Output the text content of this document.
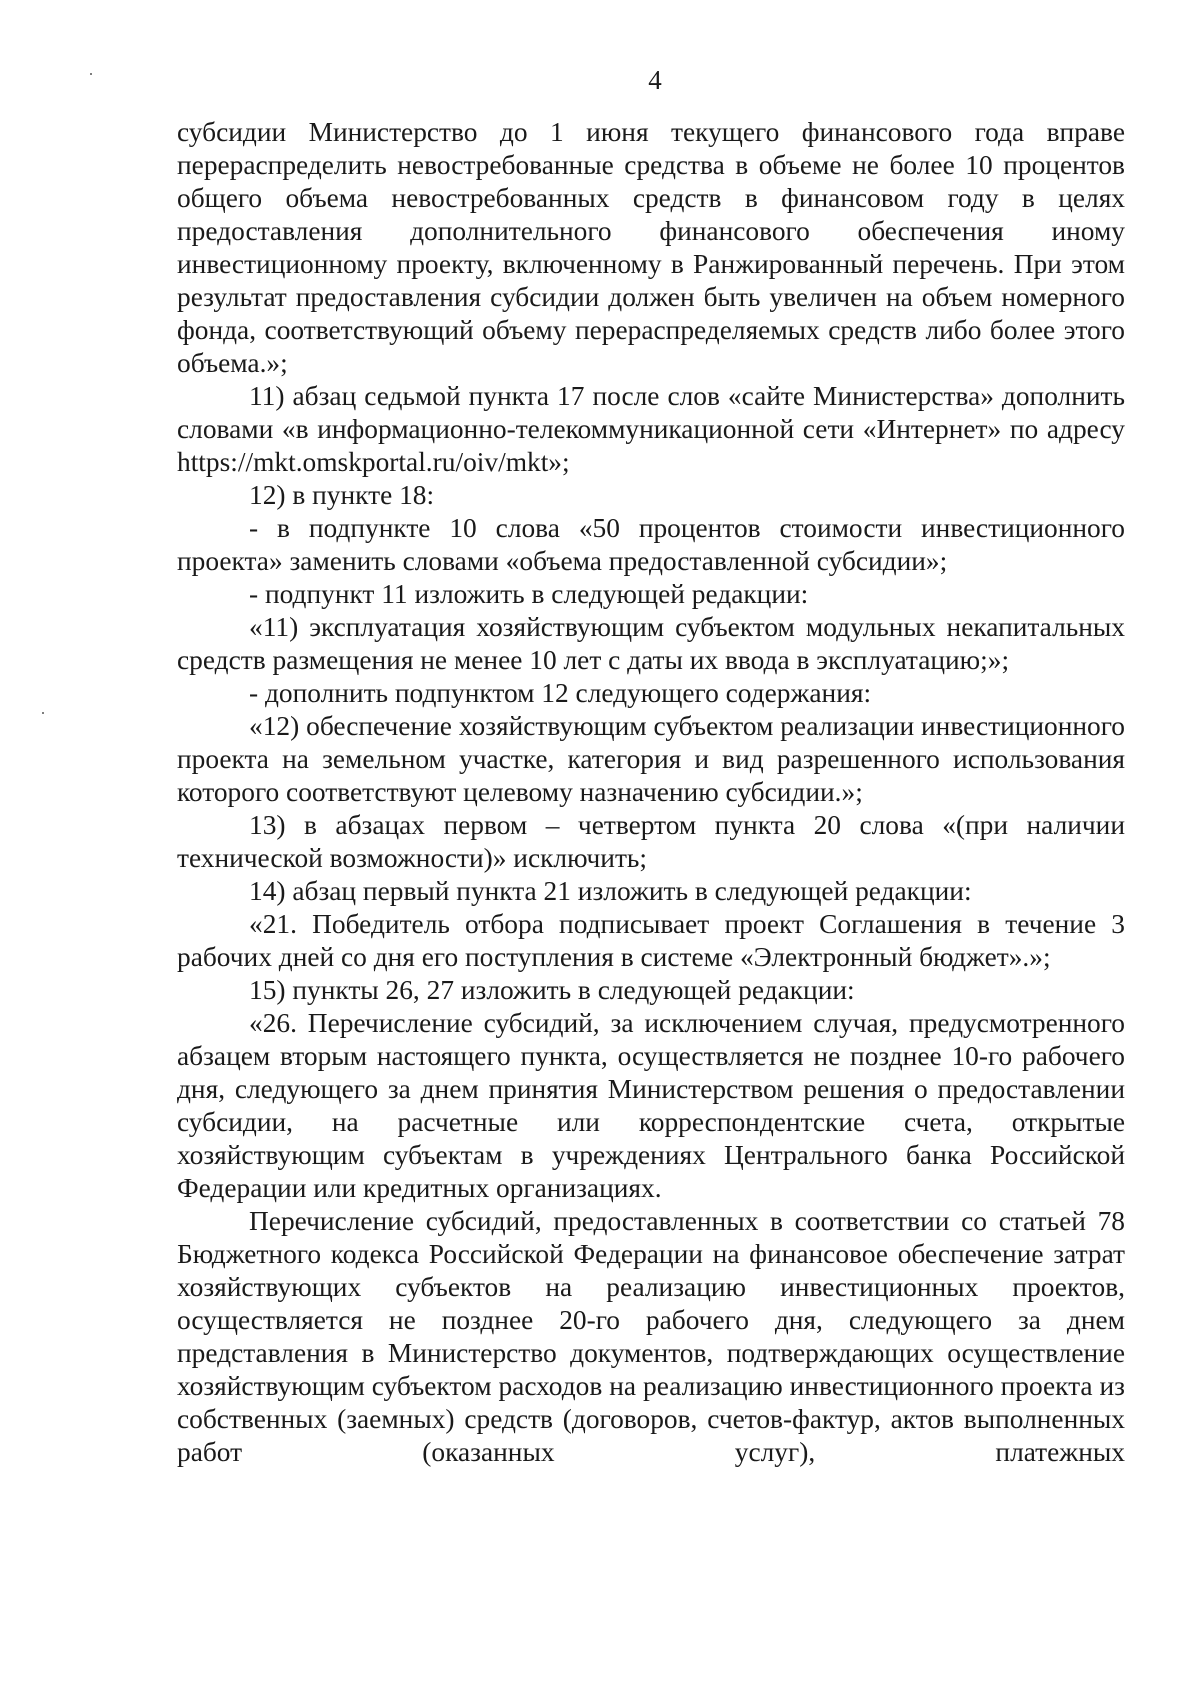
4

субсидии Министерство до 1 июня текущего финансового года вправе перераспределить невостребованные средства в объеме не более 10 процентов общего объема невостребованных средств в финансовом году в целях предоставления дополнительного финансового обеспечения иному инвестиционному проекту, включенному в Ранжированный перечень. При этом результат предоставления субсидии должен быть увеличен на объем номерного фонда, соответствующий объему перераспределяемых средств либо более этого объема.»;

11) абзац седьмой пункта 17 после слов «сайте Министерства» дополнить словами «в информационно-телекоммуникационной сети «Интернет» по адресу https://mkt.omskportal.ru/oiv/mkt»;

12) в пункте 18:

- в подпункте 10 слова «50 процентов стоимости инвестиционного проекта» заменить словами «объема предоставленной субсидии»;

- подпункт 11 изложить в следующей редакции:

«11) эксплуатация хозяйствующим субъектом модульных некапитальных средств размещения не менее 10 лет с даты их ввода в эксплуатацию;»;

- дополнить подпунктом 12 следующего содержания:

«12) обеспечение хозяйствующим субъектом реализации инвестиционного проекта на земельном участке, категория и вид разрешенного использования которого соответствуют целевому назначению субсидии.»;

13) в абзацах первом – четвертом пункта 20 слова «(при наличии технической возможности)» исключить;

14) абзац первый пункта 21 изложить в следующей редакции:

«21. Победитель отбора подписывает проект Соглашения в течение 3 рабочих дней со дня его поступления в системе «Электронный бюджет».»;

15) пункты 26, 27 изложить в следующей редакции:

«26. Перечисление субсидий, за исключением случая, предусмотренного абзацем вторым настоящего пункта, осуществляется не позднее 10-го рабочего дня, следующего за днем принятия Министерством решения о предоставлении субсидии, на расчетные или корреспондентские счета, открытые хозяйствующим субъектам в учреждениях Центрального банка Российской Федерации или кредитных организациях.

Перечисление субсидий, предоставленных в соответствии со статьей 78 Бюджетного кодекса Российской Федерации на финансовое обеспечение затрат хозяйствующих субъектов на реализацию инвестиционных проектов, осуществляется не позднее 20-го рабочего дня, следующего за днем представления в Министерство документов, подтверждающих осуществление хозяйствующим субъектом расходов на реализацию инвестиционного проекта из собственных (заемных) средств (договоров, счетов-фактур, актов выполненных работ (оказанных услуг), платежных
